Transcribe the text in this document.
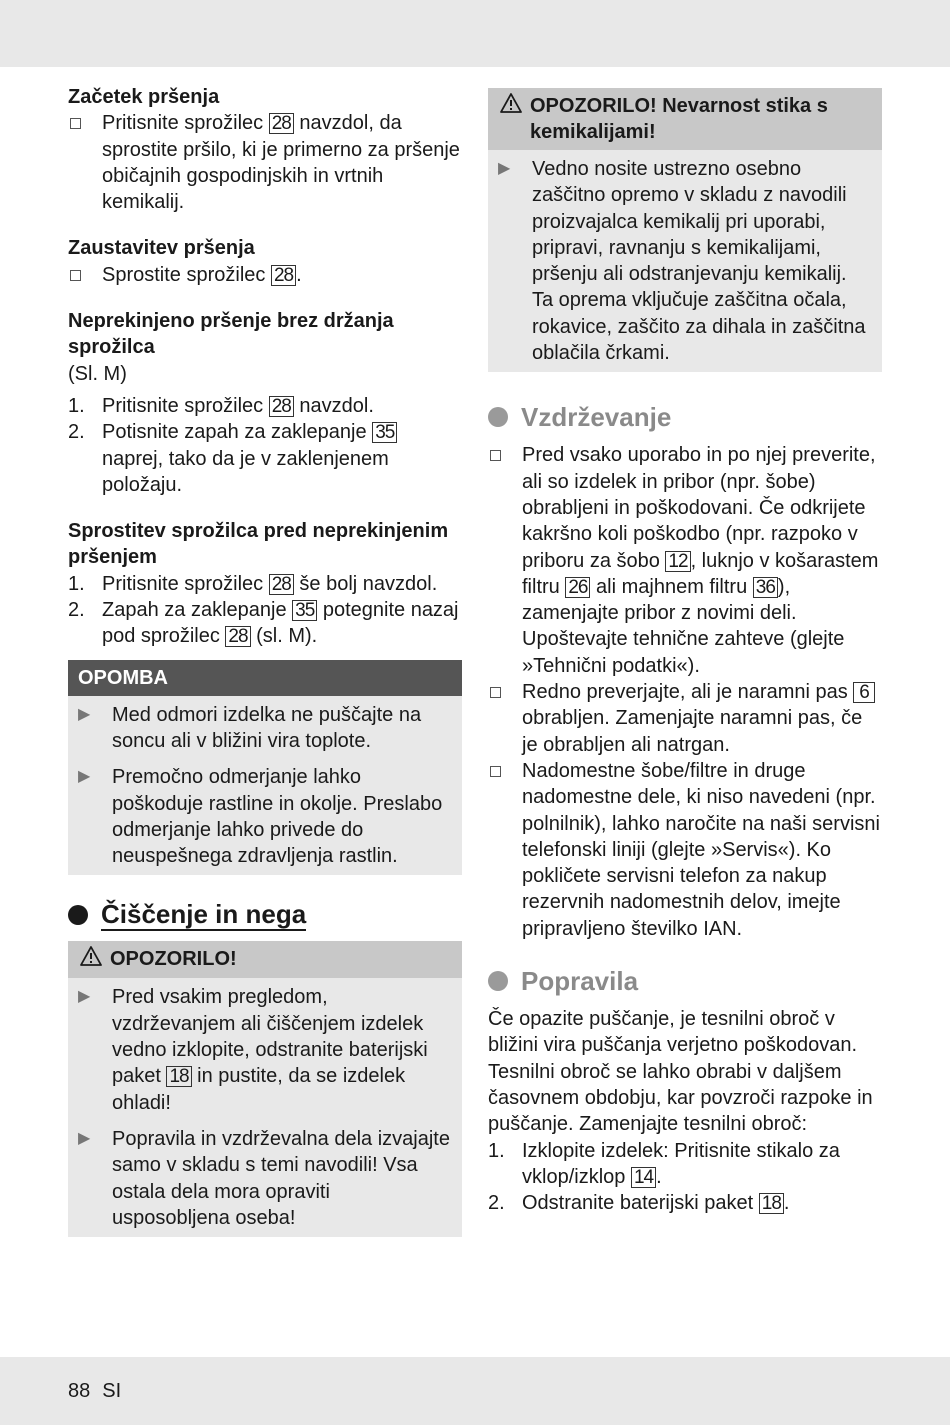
Začetek pršenja
Pritisnite sprožilec 28 navzdol, da sprostite pršilo, ki je primerno za pršenje običajnih gospodinjskih in vrtnih kemikalij.
Zaustavitev pršenja
Sprostite sprožilec 28 .
Neprekinjeno pršenje brez držanja sprožilca
(Sl. M)
1. Pritisnite sprožilec 28 navzdol.
2. Potisnite zapah za zaklepanje 35 naprej, tako da je v zaklenjenem položaju.
Sprostitev sprožilca pred neprekinjenim pršenjem
1. Pritisnite sprožilec 28 še bolj navzdol.
2. Zapah za zaklepanje 35 potegnite nazaj pod sprožilec 28 (sl. M).
OPOMBA
▶	Med odmori izdelka ne puščajte na soncu ali v bližini vira toplote.
▶	Premočno odmerjanje lahko poškoduje rastline in okolje. Preslabo odmerjanje lahko privede do neuspešnega zdravljenja rastlin.
Čiščenje in nega
OPOZORILO!
▶	Pred vsakim pregledom, vzdrževanjem ali čiščenjem izdelek vedno izklopite, odstranite baterijski paket 18 in pustite, da se izdelek ohladi!
▶	Popravila in vzdrževalna dela izvajajte samo v skladu s temi navodili! Vsa ostala dela mora opraviti usposobljena oseba!
OPOZORILO! Nevarnost stika s kemikalijami!
▶	Vedno nosite ustrezno osebno zaščitno opremo v skladu z navodili proizvajalca kemikalij pri uporabi, pripravi, ravnanju s kemikalijami, pršenju ali odstranjevanju kemikalij. Ta oprema vključuje zaščitna očala, rokavice, zaščito za dihala in zaščitna oblačila črkami.
Vzdrževanje
Pred vsako uporabo in po njej preverite, ali so izdelek in pribor (npr. šobe) obrabljeni in poškodovani. Če odkrijete kakršno koli poškodbo (npr. razpoko v priboru za šobo 12 , luknjo v košarastem filtru 26 ali majhnem filtru 36 ), zamenjajte pribor z novimi deli.
Upoštevajte tehnične zahteve (glejte »Tehnični podatki«).
Redno preverjajte, ali je naramni pas 6 obrabljen. Zamenjajte naramni pas, če je obrabljen ali natrgan.
Nadomestne šobe/filtre in druge nadomestne dele, ki niso navedeni (npr. polnilnik), lahko naročite na naši servisni telefonski liniji (glejte »Servis«). Ko pokličete servisni telefon za nakup rezervnih nadomestnih delov, imejte pripravljeno številko IAN.
Popravila
Če opazite puščanje, je tesnilni obroč v bližini vira puščanja verjetno poškodovan. Tesnilni obroč se lahko obrabi v daljšem časovnem obdobju, kar povzroči razpoke in puščanje. Zamenjajte tesnilni obroč:
1. Izklopite izdelek: Pritisnite stikalo za vklop/izklop 14 .
2. Odstranite baterijski paket 18 .
88 SI
